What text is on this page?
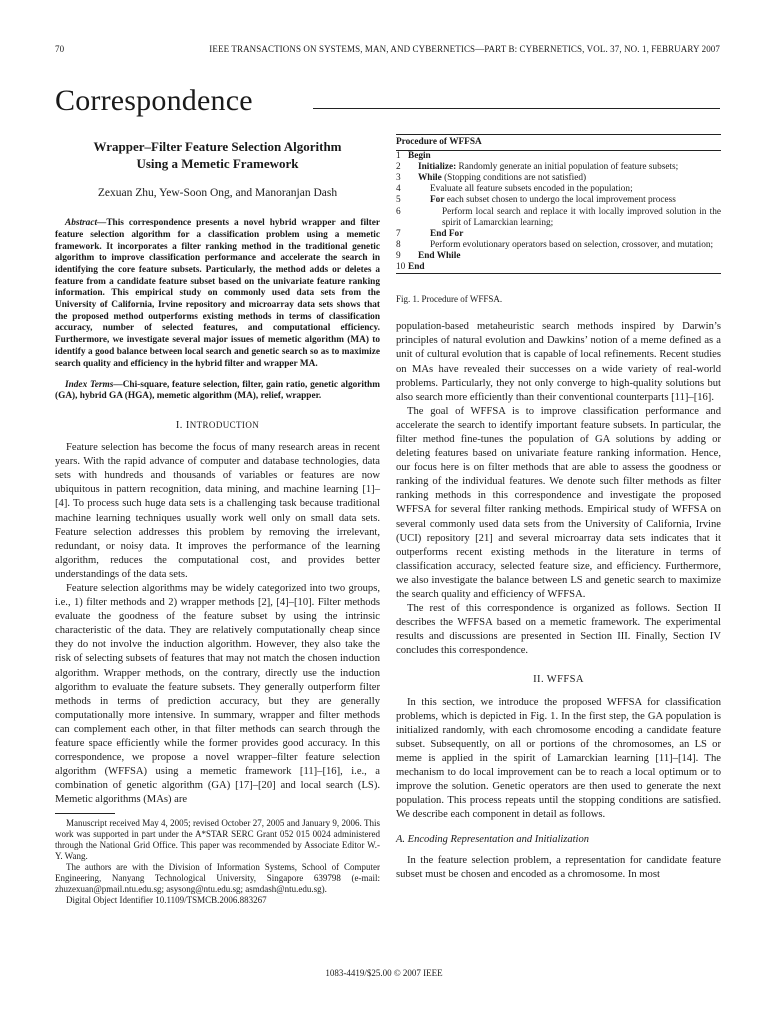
70	IEEE TRANSACTIONS ON SYSTEMS, MAN, AND CYBERNETICS—PART B: CYBERNETICS, VOL. 37, NO. 1, FEBRUARY 2007
Correspondence
Wrapper–Filter Feature Selection Algorithm
Using a Memetic Framework
Zexuan Zhu, Yew-Soon Ong, and Manoranjan Dash

Abstract—This correspondence presents a novel hybrid wrapper and filter feature selection algorithm for a classification problem using a memetic framework. It incorporates a filter ranking method in the traditional genetic algorithm to improve classification performance and accelerate the search in identifying the core feature subsets. Particularly, the method adds or deletes a feature from a candidate feature subset based on the univariate feature ranking information. This empirical study on commonly used data sets from the University of California, Irvine repository and microarray data sets shows that the proposed method outperforms existing methods in terms of classification accuracy, number of selected features, and computational efficiency. Furthermore, we investigate several major issues of memetic algorithm (MA) to identify a good balance between local search and genetic search so as to maximize search quality and efficiency in the hybrid filter and wrapper MA.

Index Terms—Chi-square, feature selection, filter, gain ratio, genetic algorithm (GA), hybrid GA (HGA), memetic algorithm (MA), relief, wrapper.

I. INTRODUCTION

Feature selection has become the focus of many research areas in recent years. With the rapid advance of computer and database technologies, data sets with hundreds and thousands of variables or features are now ubiquitous in pattern recognition, data mining, and machine learning [1]–[4]. To process such huge data sets is a challenging task because traditional machine learning techniques usually work well only on small data sets. Feature selection addresses this problem by removing the irrelevant, redundant, or noisy data. It improves the performance of the learning algorithm, reduces the computational cost, and provides better understandings of the data sets.

Feature selection algorithms may be widely categorized into two groups, i.e., 1) filter methods and 2) wrapper methods [2], [4]–[10]. Filter methods evaluate the goodness of the feature subset by using the intrinsic characteristic of the data. They are relatively computationally cheap since they do not involve the induction algorithm. However, they also take the risk of selecting subsets of features that may not match the chosen induction algorithm. Wrapper methods, on the contrary, directly use the induction algorithm to evaluate the feature subsets. They generally outperform filter methods in terms of prediction accuracy, but they are generally computationally more intensive. In summary, wrapper and filter methods can complement each other, in that filter methods can search through the feature space efficiently while the former provides good accuracy. In this correspondence, we propose a novel wrapper–filter feature selection algorithm (WFFSA) using a memetic framework [11]–[16], i.e., a combination of genetic algorithm (GA) [17]–[20] and local search (LS). Memetic algorithms (MAs) are

Manuscript received May 4, 2005; revised October 27, 2005 and January 9, 2006. This work was supported in part under the A*STAR SERC Grant 052 015 0024 administered through the National Grid Office. This paper was recommended by Associate Editor W.-Y. Wang.

The authors are with the Division of Information Systems, School of Computer Engineering, Nanyang Technological University, Singapore 639798 (e-mail: zhuzexuan@pmail.ntu.edu.sg; asysong@ntu.edu.sg; asmdash@ntu.edu.sg).

Digital Object Identifier 10.1109/TSMCB.2006.883267

Procedure of WFFSA
1 Begin
2	Initialize: Randomly generate an initial population of feature subsets;
3	While (Stopping conditions are not satisfied)
4	Evaluate all feature subsets encoded in the population;
5	For each subset chosen to undergo the local improvement process
6	Perform local search and replace it with locally improved solution in the spirit of Lamarckian learning;
7	End For
8	Perform evolutionary operators based on selection, crossover, and mutation;
9	End While
10 End
Fig. 1. Procedure of WFFSA.

population-based metaheuristic search methods inspired by Darwin’s principles of natural evolution and Dawkins’ notion of a meme defined as a unit of cultural evolution that is capable of local refinements. Recent studies on MAs have revealed their successes on a wide variety of real-world problems. Particularly, they not only converge to high-quality solutions but also search more efficiently than their conventional counterparts [11]–[16].

The goal of WFFSA is to improve classification performance and accelerate the search to identify important feature subsets. In particular, the filter method fine-tunes the population of GA solutions by adding or deleting features based on univariate feature ranking information. Hence, our focus here is on filter methods that are able to assess the goodness or ranking of the individual features. We denote such filter methods as filter ranking methods in this correspondence and investigate the proposed WFFSA for several filter ranking methods. Empirical study of WFFSA on several commonly used data sets from the University of California, Irvine (UCI) repository [21] and several microarray data sets indicates that it outperforms recent existing methods in the literature in terms of classification accuracy, selected feature size, and efficiency. Furthermore, we also investigate the balance between LS and genetic search to maximize the search quality and efficiency of WFFSA.

The rest of this correspondence is organized as follows. Section II describes the WFFSA based on a memetic framework. The experimental results and discussions are presented in Section III. Finally, Section IV concludes this correspondence.

II. WFFSA

In this section, we introduce the proposed WFFSA for classification problems, which is depicted in Fig. 1. In the first step, the GA population is initialized randomly, with each chromosome encoding a candidate feature subset. Subsequently, on all or portions of the chromosomes, an LS or meme is applied in the spirit of Lamarckian learning [11]–[14]. The mechanism to do local improvement can be to reach a local optimum or to improve the solution. Genetic operators are then used to generate the next population. This process repeats until the stopping conditions are satisfied. We describe each component in detail as follows.

A. Encoding Representation and Initialization

In the feature selection problem, a representation for candidate feature subset must be chosen and encoded as a chromosome. In most

1083-4419/$25.00 © 2007 IEEE
